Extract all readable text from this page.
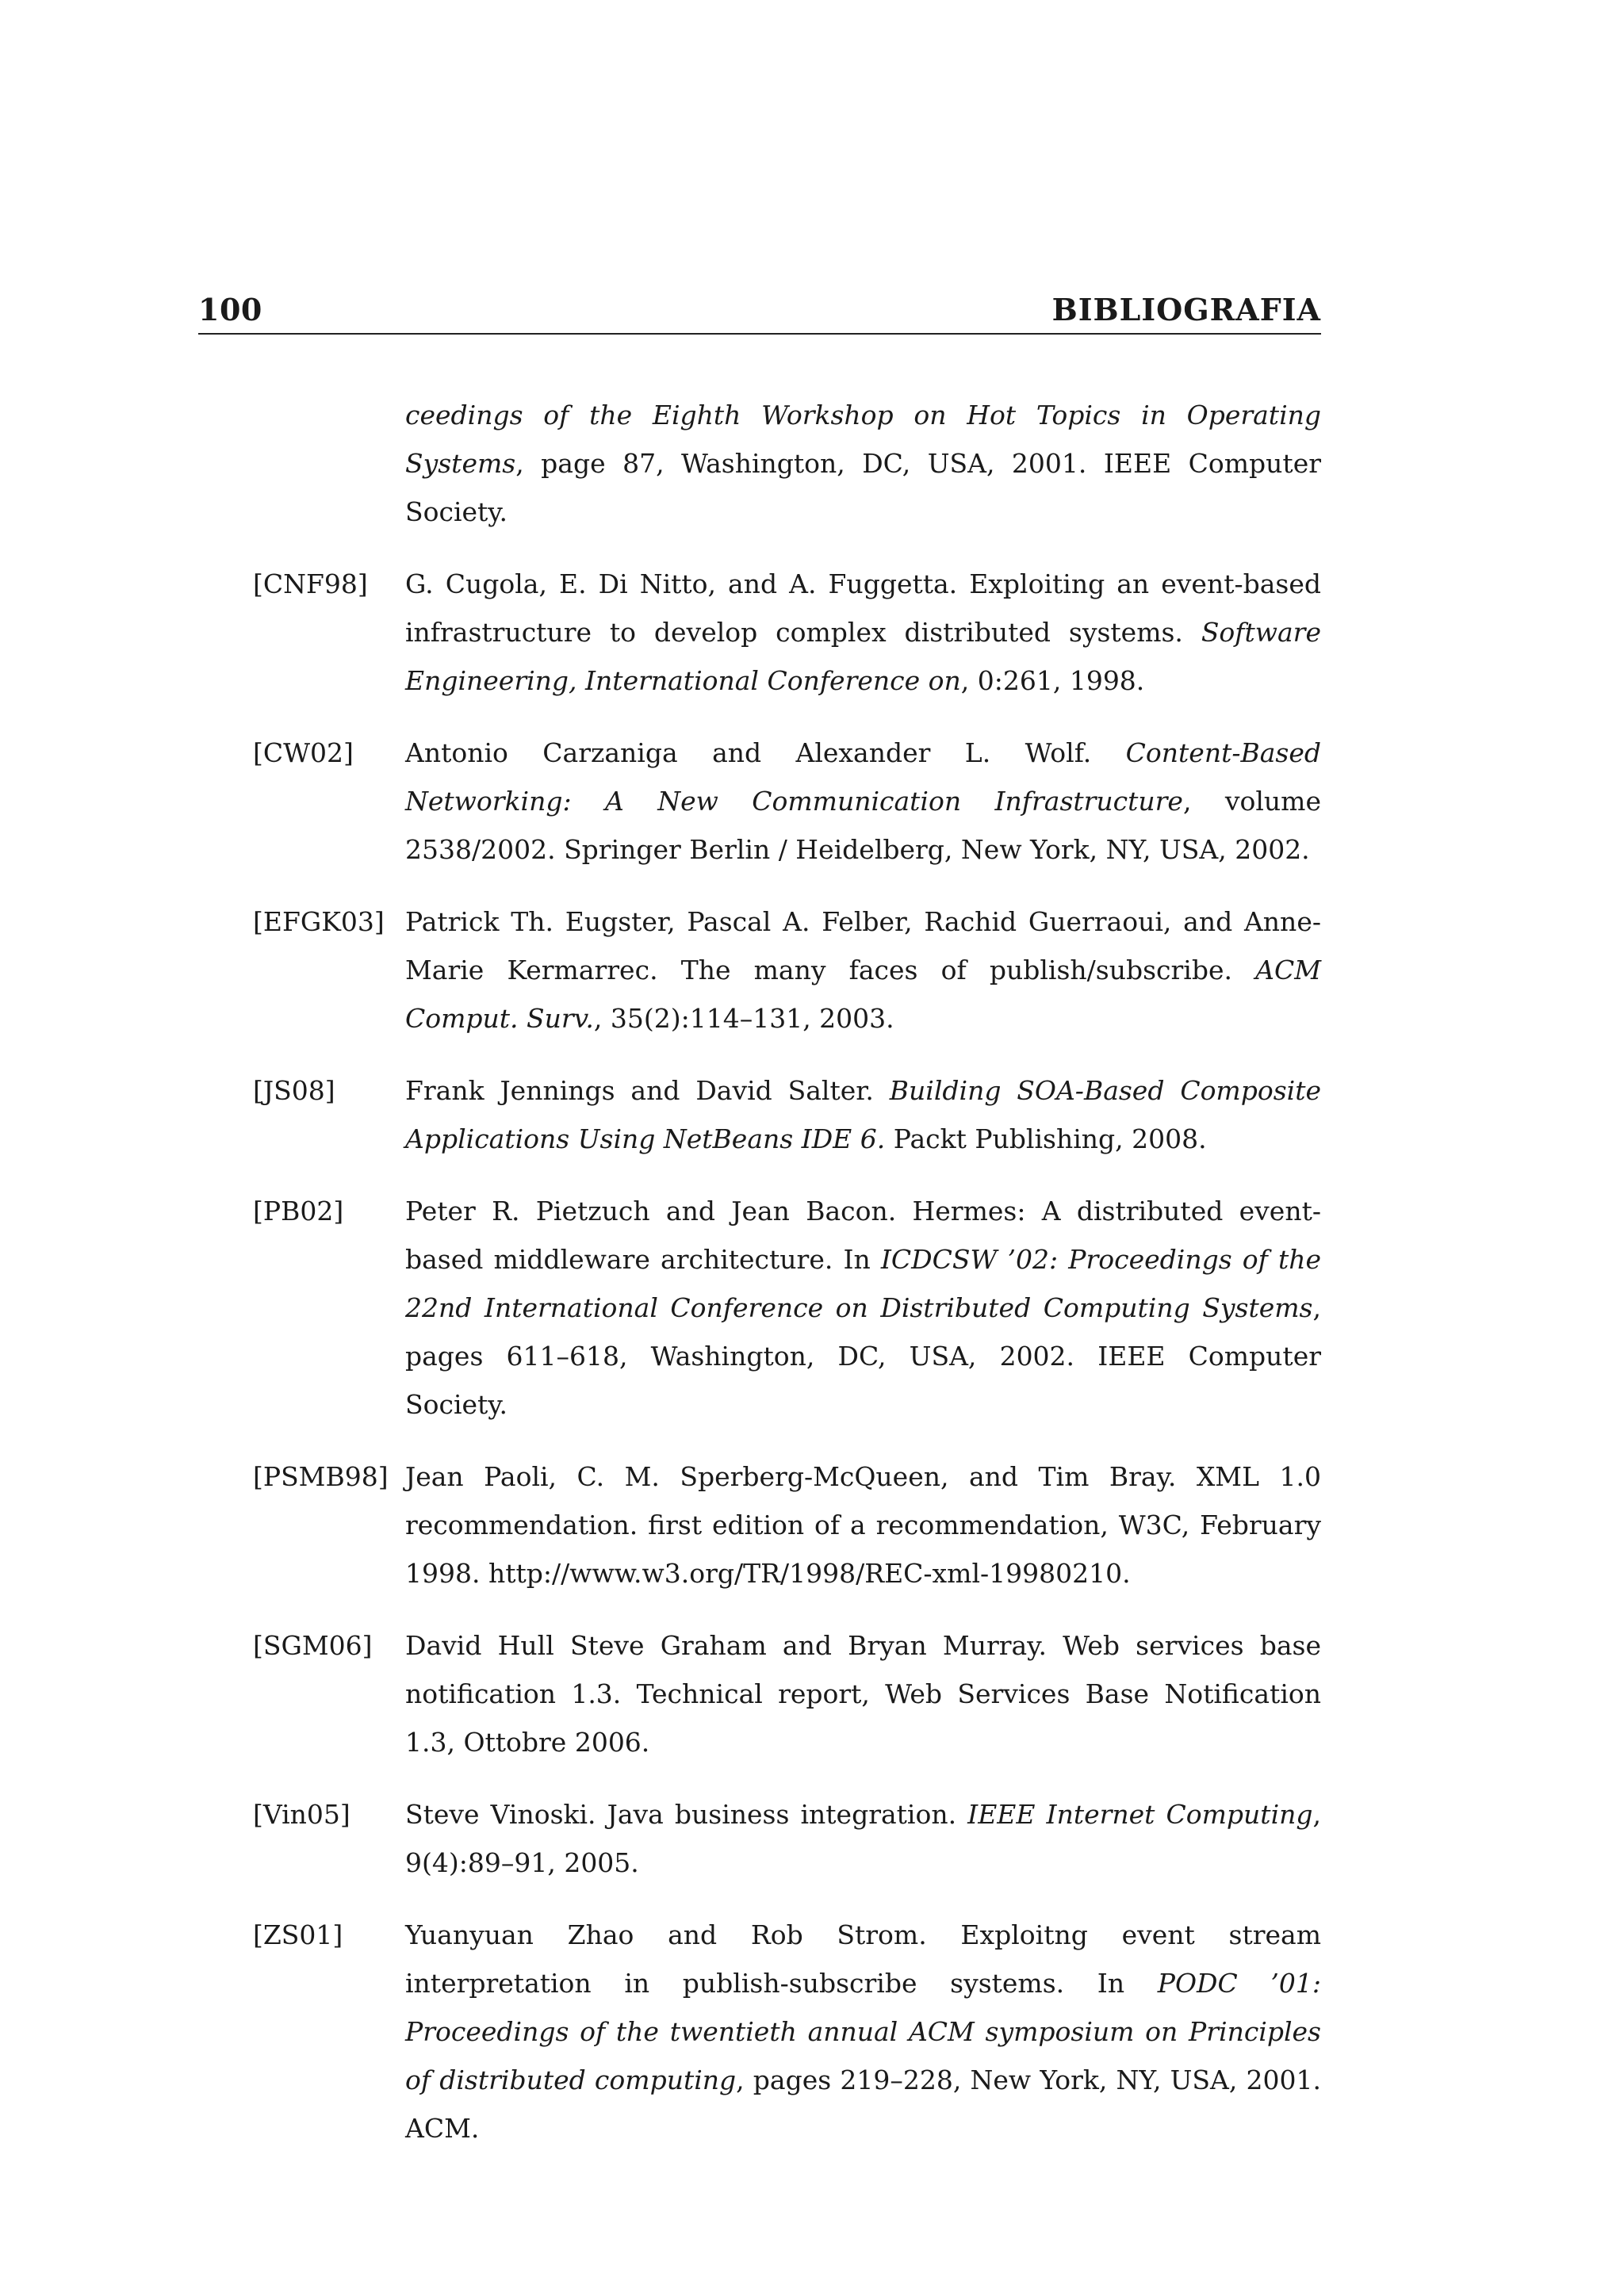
100	BIBLIOGRAFIA
ceedings of the Eighth Workshop on Hot Topics in Operating Systems, page 87, Washington, DC, USA, 2001. IEEE Computer Society.
[CNF98] G. Cugola, E. Di Nitto, and A. Fuggetta. Exploiting an event-based infrastructure to develop complex distributed systems. Software Engineering, International Conference on, 0:261, 1998.
[CW02] Antonio Carzaniga and Alexander L. Wolf. Content-Based Networking: A New Communication Infrastructure, volume 2538/2002. Springer Berlin / Heidelberg, New York, NY, USA, 2002.
[EFGK03] Patrick Th. Eugster, Pascal A. Felber, Rachid Guerraoui, and Anne-Marie Kermarrec. The many faces of publish/subscribe. ACM Comput. Surv., 35(2):114–131, 2003.
[JS08]	Frank Jennings and David Salter. Building SOA-Based Composite Applications Using NetBeans IDE 6. Packt Publishing, 2008.
[PB02] Peter R. Pietzuch and Jean Bacon. Hermes: A distributed event-based middleware architecture. In ICDCSW ’02: Proceedings of the 22nd International Conference on Distributed Computing Systems, pages 611–618, Washington, DC, USA, 2002. IEEE Computer Society.
[PSMB98] Jean Paoli, C. M. Sperberg-McQueen, and Tim Bray. XML 1.0 recommendation. first edition of a recommendation, W3C, February 1998. http://www.w3.org/TR/1998/REC-xml-19980210.
[SGM06] David Hull Steve Graham and Bryan Murray. Web services base notification 1.3. Technical report, Web Services Base Notification 1.3, Ottobre 2006.
[Vin05] Steve Vinoski. Java business integration. IEEE Internet Computing, 9(4):89–91, 2005.
[ZS01] Yuanyuan Zhao and Rob Strom. Exploitng event stream interpretation in publish-subscribe systems. In PODC ’01: Proceedings of the twentieth annual ACM symposium on Principles of distributed computing, pages 219–228, New York, NY, USA, 2001. ACM.
